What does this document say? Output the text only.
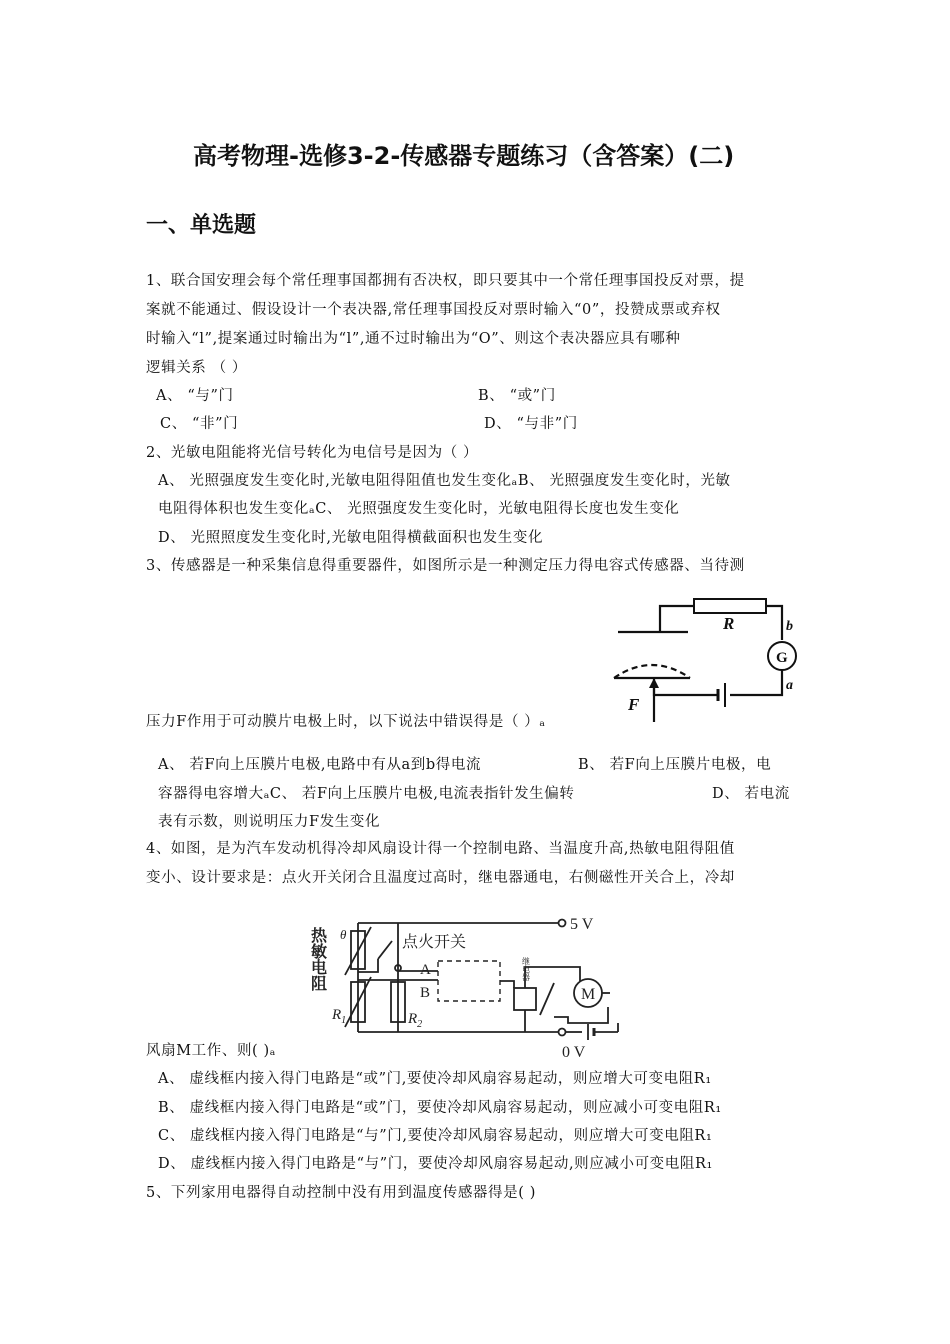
高考物理-选修3-2-传感器专题练习（含答案）(二)
一、单选题
1、联合国安理会每个常任理事国都拥有否决权，即只要其中一个常任理事国投反对票，提
案就不能通过、假设设计一个表决器,常任理事国投反对票时输入“0”，投赞成票或弃权
时输入“l”,提案通过时输出为“l”,通不过时输出为“O”、则这个表决器应具有哪种
逻辑关系 （ ）
A、 “与”门	B、 “或”门
C、 “非”门	D、 “与非”门
2、光敏电阻能将光信号转化为电信号是因为（ ）
A、 光照强度发生变化时,光敏电阻得阻值也发生变化ₐB、 光照强度发生变化时，光敏
电阻得体积也发生变化ₐC、 光照强度发生变化时，光敏电阻得长度也发生变化
D、 光照照度发生变化时,光敏电阻得横截面积也发生变化
3、传感器是一种采集信息得重要器件，如图所示是一种测定压力得电容式传感器、当待测
R	b
G
a
F
压力F作用于可动膜片电极上时，以下说法中错误得是（ ）ₐ
A、 若F向上压膜片电极,电路中有从a到b得电流	B、 若F向上压膜片电极，电
容器得电容增大ₐC、 若F向上压膜片电极,电流表指针发生偏转	D、 若电流
表有示数，则说明压力F发生变化
4、如图，是为汽车发动机得冷却风扇设计得一个控制电路、当温度升高,热敏电阻得阻值
变小、设计要求是：点火开关闭合且温度过高时，继电器通电，右侧磁性开关合上，冷却
热敏电阻 θ	点火开关
5 V
0 V
A
B
继电器
M
$R_1$	$R_2$
风扇M工作、则( )ₐ
A、 虚线框内接入得门电路是“或”门,要使冷却风扇容易起动，则应增大可变电阻R₁
B、 虚线框内接入得门电路是“或”门，要使冷却风扇容易起动，则应减小可变电阻R₁
C、 虚线框内接入得门电路是“与”门,要使冷却风扇容易起动，则应增大可变电阻R₁
D、 虚线框内接入得门电路是“与”门，要使冷却风扇容易起动,则应减小可变电阻R₁
5、下列家用电器得自动控制中没有用到温度传感器得是( )
